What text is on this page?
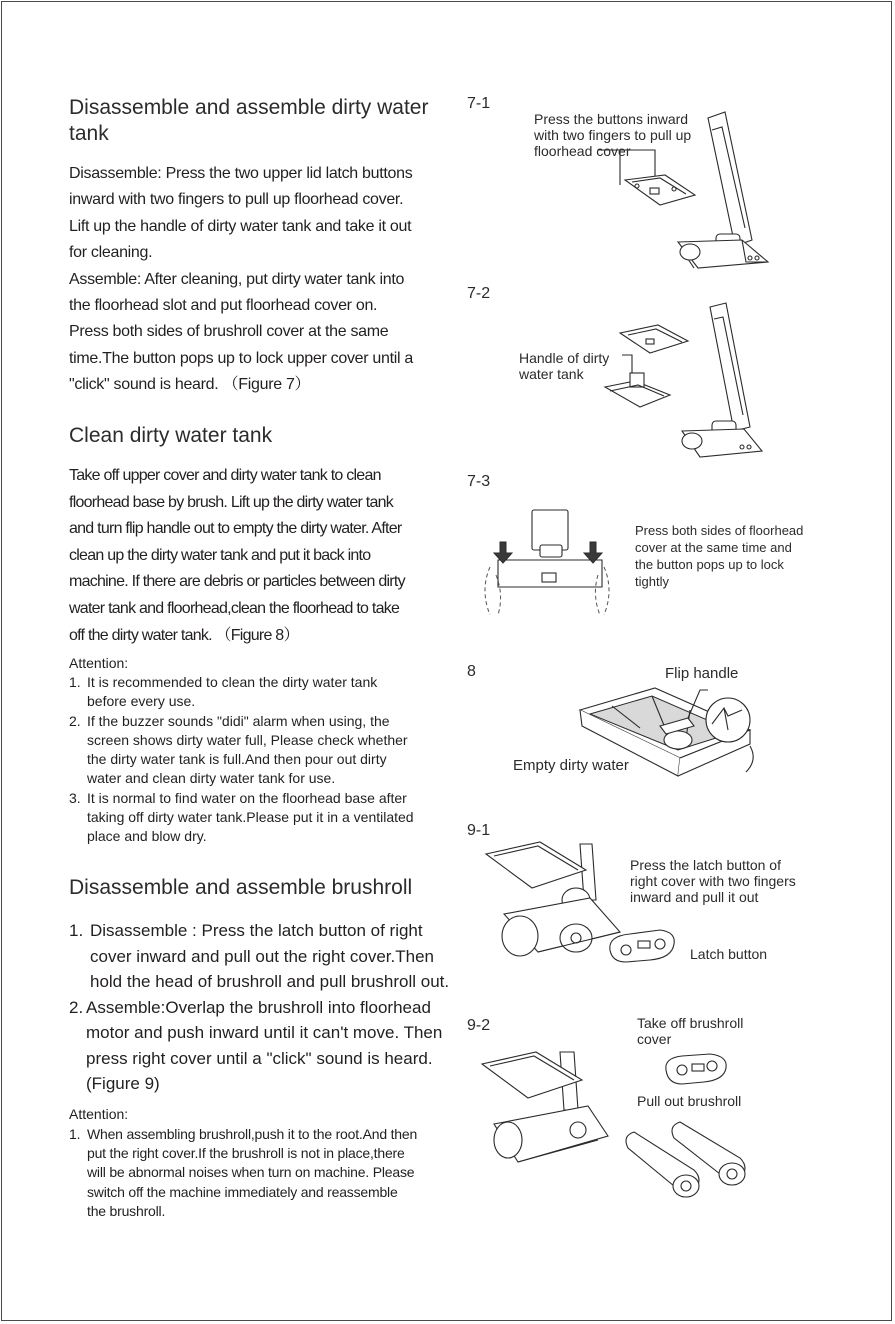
Disassemble and assemble dirty water
tank
Disassemble: Press the two upper lid latch buttons
inward with two fingers to pull up floorhead cover.
Lift up the handle of dirty water tank and take it out
for cleaning.
Assemble: After cleaning, put dirty water tank into
the floorhead slot and put floorhead cover on.
Press both sides of brushroll cover at the same
time.The button pops up to lock upper cover until a
"click" sound is heard. （Figure 7）
Clean dirty water tank
Take off upper cover and dirty water tank to clean
floorhead base by brush. Lift up the dirty water tank
and turn flip handle out to empty the dirty water. After
clean up the dirty water tank and put it back into
machine. If there are debris or particles between dirty
water tank and floorhead,clean the floorhead to take
off the dirty water tank. （Figure 8）
Attention:
1. It is recommended to clean the dirty water tank
before every use.
2. If the buzzer sounds "didi" alarm when using, the
screen shows dirty water full, Please check whether
the dirty water tank is full.And then pour out dirty
water and clean dirty water tank for use.
3. It is normal to find water on the floorhead base after
taking off dirty water tank.Please put it in a ventilated
place and blow dry.
Disassemble and assemble brushroll
1. Disassemble : Press the latch button of right
cover inward and pull out the right cover.Then
hold the head of brushroll and pull brushroll out.
2. Assemble:Overlap the brushroll into floorhead
motor and push inward until it can't move. Then
press right cover until a "click" sound is heard.
(Figure 9)
Attention:
1. When assembling brushroll,push it to the root.And then
put the right cover.If the brushroll is not in place,there
will be abnormal noises when turn on machine. Please
switch off the machine immediately and reassemble
the brushroll.
7-1
Press the buttons inward
with two fingers to pull up
floorhead cover
7-2
Handle of dirty
water tank
7-3
Press both sides of floorhead
cover at the same time and
the button pops up to lock
tightly
8	Flip handle
Empty dirty water
9-1
Press the latch button of
right cover with two fingers
inward and pull it out
Latch button
9-2	Take off brushroll
cover
Pull out brushroll
